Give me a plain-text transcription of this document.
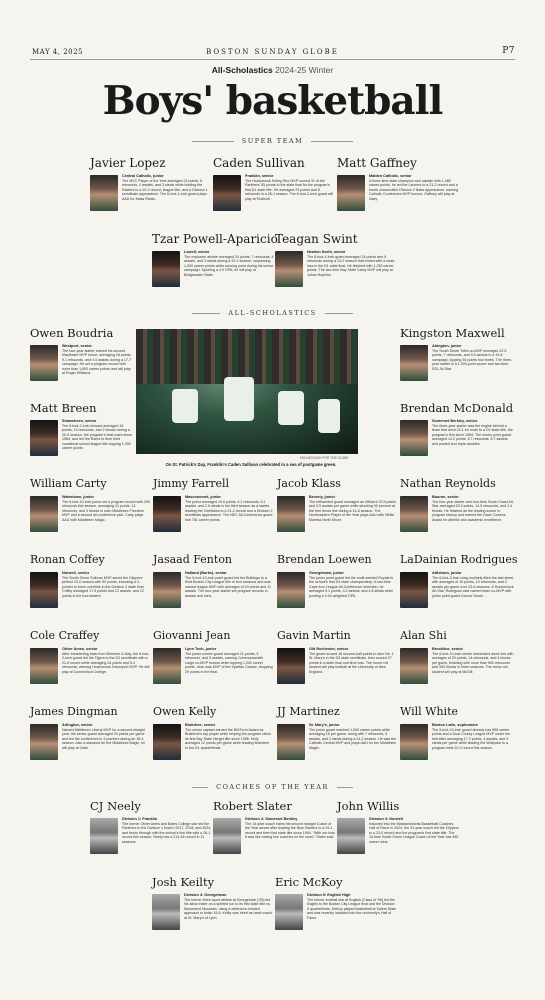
MAY 4, 2025	BOSTON SUNDAY GLOBE	P7
All-Scholastics 2024-25 Winter
Boys' basketball
SUPER TEAM
Javier Lopez
Central Catholic, junior
The MVC Player of the Year averaged 24 points, 8 rebounds, 4 assists, and 3 steals while leading the Raiders to a 20-3 record, league title, and a Division 1 semifinals appearance. The 6-foot-1-inch guard plays AAU for Mass Rivals.
Caden Sullivan
Franklin, senior
The Hockomock Kelley-Rex MVP scored 31 of the Panthers' 55 points in the state final for the program's first D1 state title. He averaged 23 points and 8 rebounds in a 26-1 season. The 6-foot-2-inch guard will play at Endicott.
Matt Gaffney
Malden Catholic, senior
A three-time state champion and captain with 1,485 career points, he led the Lancers to a 21-2 record and a fourth consecutive Division 2 finals appearance, earning Catholic Conference MVP honors. Gaffney will play at Navy.
Tzar Powell-Aparicio
Lowell, senior
The explosive athlete averaged 24 points, 7 rebounds, 4 assists, and 3 steals during a 20-3 season, surpassing 1,000 career points while running point during his senior campaign. Sporting a 4.0 GPA, he will play at Bridgewater State.
Teagan Swint
Newton North, senior
The 6-foot-4-inch guard averaged 24 points and 9 rebounds during a 24-2 season that ended with a close loss in the D1 state final. He finished with 1,250 career points. The two-time Bay State Carey MVP will play at Johns Hopkins.
ALL-SCHOLASTICS
Owen Boudria
Westport, senior
The four-year starter earned his second Mayflower MVP honor, averaging 28 points, 9.1 rebounds, and 4.4 assists during a 17-7 campaign. He set a program record with more than 1,600 career points and will play at Roger Williams.
Matt Breen
Shawsheen, senior
The 6-foot-2-inch forward averaged 18 points, 14 rebounds, and 2 blocks during a 20-5 season, the program's best mark since 1984, and led the Rams to their third vocational school league title topping 1,000 career points.
Kingston Maxwell
Abington, junior
The South Shore Tobin co-MVP averaged 22.5 points, 7 rebounds, and 3.5 assists in a 19-6 campaign, topping 30 points four times. The three-year starter is a 1,000-point scorer and two-time SSL All-Star.
Brendan McDonald
Somerset Berkley, senior
The three-year starter was the engine behind a team that went 24-1 en route to a D2 state title, the program's first since 1954. The senior point guard averaged 14.2 points, 5.7 rebounds, 5.7 assists and posted four triple-doubles.
KEN MCGAGH FOR THE GLOBE
On St. Patrick's Day, Franklin's Caden Sullivan celebrated in a sea of postgame green.
William Carty
Watertown, junior
The 6-foot-10-inch junior set a program record with 296 rebounds this season, averaging 21 points, 14 rebounds, and 3 blocks to earn Middlesex Freedom MVP and a second all-conference pick. Carty plays AAU with Middlesex Magic.
Jimmy Farrell
Masconomet, junior
The junior averaged 15.6 points, 4.2 rebounds, 6.1 assists, and 2.6 steals in his third season as a starter, leading the Chieftains to a 21-2 record and a Division 2 semifinals appearance. The NEC All-Conference guard has 781 career points.
Jacob Klass
Beverly, junior
The lefthanded guard averaged an efficient 23.5 points and 3.5 assists per game while shooting 90 percent at the free throw line during a 14-6 season. The Northeastern Player of the Year plays AAU with White Mamba North Shore.
Nathan Reynolds
Bourne, senior
The four-year starter and four-time South Coast All-Star averaged 20.9 points, 14.9 rebounds, and 2.4 blocks. He finished as the leading scorer in program history and earned the Dave Cowens Award for athletic and academic excellence.
Ronan Coffey
Norwell, senior
The South Shore Sullivan MVP saved the Clippers' perfect 23-0 season with 50 points, including a 3-pointer to force overtime in the Division 3 state final. Coffey averaged 17.5 points and 13 assists, and 22 points in the tournament.
Jasaad Fenton
Holland (Burke), senior
The 5-foot-10-inch point guard led the Bulldogs to a third Boston City League title in four seasons and was named league MVP with averages of 19 points and 11 assists. The four-year starter set program records in assists and wins.
Brendan Loewen
Georgetown, junior
The junior point guard led the multi-seeded Royals to the school's first D4 state championship. A two-time Cape Ann League All-Conference selection, he averaged 9.1 points, 4.2 assists, and 4.8 steals while posting a 4.44 weighted GPA.
LaDainian Rodrigues
Attleboro, junior
The 6-foot-2-inch wing routinely filled the stat sheet with averages of 15 points, 10 rebounds, and 3 assists per game over 23-6 seasons. A Hockomock All-Star, Rodrigues was named team co-MVP with junior point guard Connor Houle.
Cole Craffey
Oliver Ames, senior
After transferring back from Brimmer & May, the 6-foot-2-inch guard led the Tigers to the D2 semifinals with a 21-5 record while averaging 24 points and 5.4 rebounds, winning Hockomock Davenport MVP. He will play at Connecticut College.
Giovanni Jean
Lynn Tech, junior
The junior combo guard averaged 21 points, 6 rebounds, and 5 assists, earning Commonwealth Large co-MVP honors while topping 1,000 career points. Jean was MVP of the Spartan Classic, dropping 29 points in the final.
Gavin Martin
Old Rochester, senior
The guard scored 16 second-half points to stun No. 1 St. Mary's in the D3 state semifinals, then scored 27 points in a state final overtime loss. The honor roll student will play football at the University of New England.
Alan Shi
Brookline, senior
The 6-foot-10-inch center dominated down low with averages of 20 points, 14 rebounds, and 4 blocks per game, finishing with more than 500 rebounds and 300 blocks in three seasons. The honor roll student will play at McGill.
James Dingman
Arlington, senior
Named Middlesex Liberty MVP for a second straight year, the senior guard averaged 20 points per game and led the conference in 3-pointers during an 18-4 season. Also a standout for the Middlesex Magic, he will play at Clark.
Owen Kelly
Braintree, senior
The senior captain earned the Bill Ervin Award as Braintree's top player while helping the program clinch its first Bay State Herget title since 1996. Kelly averaged 12 points per game while leading Braintree to the D1 quarterfinals.
JJ Martinez
St. Mary's, junior
The junior guard reached 1,000 career points while averaging 18 per game, along with 7 rebounds, 5 assists, and 2 steals during a 24-2 season. He was the Catholic Central MVP and plays AAU for the Middlesex Magic.
Will White
Boston Latin, sophomore
The 5-foot-10-inch guard already has 858 career points and a Dual County League MVP under his belt after averaging 17.2 points, 4 assists, and 3 steals per game while leading the Wolfpack to a program-best 20-2 record this season.
COACHES OF THE YEAR
CJ Neely
Division 1: Franklin
The former Oliver Ames and Bates College star led the Panthers to the Division 1 final in 2017, 2018, and 2024, and broke through with the school's first title with a 26-1 record this season. Neely has a 214-48 record in 11 seasons.
Robert Slater
Division 2: Somerset Berkley
The 16-year coach earns his second straight Coach of the Year award after leading the Blue Raiders to a 24-1 record and their first state title since 1954. "With our kids it was like having five coaches on the court," Slater said.
John Willis
Division 3: Norwell
Inducted into the Massachusetts Basketball Coaches Hall of Fame in 2024, the 31-year coach led the Clippers to a 23-0 record and the program's first state title. The 10-time South Shore League Coach of the Year has 495 career wins.
Josh Keilty
Division 4: Georgetown
The former three-sport athlete at Georgetown ('05) led his alma mater on a spirited run to its first state title vs. Monument Mountain, using a defensive-minded approach to finish 19-6. Keilty was hired as head coach at St. Mary's of Lynn.
Eric McKoy
Division 5: English High
The former football star at English (Class of '95) led the Eagles to the Boston City League final and the Division 5 quarterfinals. McKoy played basketball at Salem State and was recently inducted into the university's Hall of Fame.
